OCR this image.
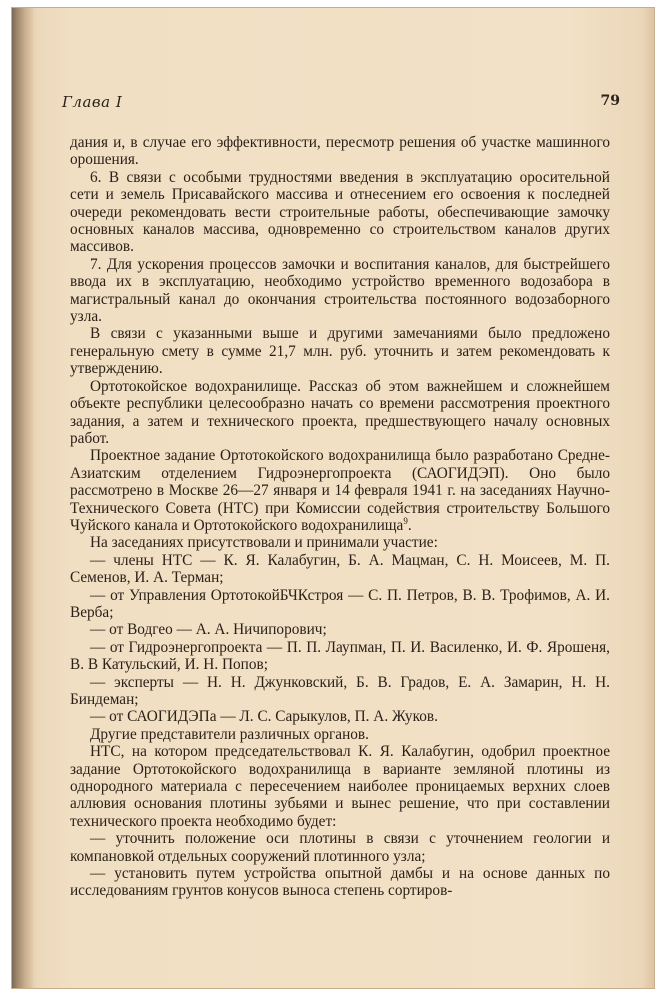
Глава I	79

дания и, в случае его эффективности, пересмотр решения об участке машинного орошения.

6. В связи с особыми трудностями введения в эксплуатацию оросительной сети и земель Присавайского массива и отнесением его освоения к последней очереди рекомендовать вести строительные работы, обеспечивающие замочку основных каналов массива, одновременно со строительством каналов других массивов.

7. Для ускорения процессов замочки и воспитания каналов, для быстрейшего ввода их в эксплуатацию, необходимо устройство временного водозабора в магистральный канал до окончания строительства постоянного водозаборного узла.

В связи с указанными выше и другими замечаниями было предложено генеральную смету в сумме 21,7 млн. руб. уточнить и затем рекомендовать к утверждению.

Ортотокойское водохранилище. Рассказ об этом важнейшем и сложнейшем объекте республики целесообразно начать со времени рассмотрения проектного задания, а затем и технического проекта, предшествующего началу основных работ.

Проектное задание Ортотокойского водохранилища было разработано Средне-Азиатским отделением Гидроэнергопроекта (САОГИДЭП). Оно было рассмотрено в Москве 26—27 января и 14 февраля 1941 г. на заседаниях Научно-Технического Совета (НТС) при Комиссии содействия строительству Большого Чуйского канала и Ортотокойского водохранилища$^9$.

На заседаниях присутствовали и принимали участие:

— члены НТС — К. Я. Калабугин, Б. А. Мацман, С. Н. Моисеев, М. П. Семенов, И. А. Терман;

— от Управления ОртотокойБЧКстроя — С. П. Петров, В. В. Трофимов, А. И. Верба;

— от Водгео — А. А. Ничипорович;

— от Гидроэнергопроекта — П. П. Лаупман, П. И. Василенко, И. Ф. Ярошеня, В. В Катульский, И. Н. Попов;

— эксперты — Н. Н. Джунковский, Б. В. Градов, Е. А. Замарин, Н. Н. Биндеман;

— от САОГИДЭПа — Л. С. Сарыкулов, П. А. Жуков.

Другие представители различных органов.

НТС, на котором председательствовал К. Я. Калабугин, одобрил проектное задание Ортотокойского водохранилища в варианте земляной плотины из однородного материала с пересечением наиболее проницаемых верхних слоев аллювия основания плотины зубьями и вынес решение, что при составлении технического проекта необходимо будет:

— уточнить положение оси плотины в связи с уточнением геологии и компановкой отдельных сооружений плотинного узла;

— установить путем устройства опытной дамбы и на основе данных по исследованиям грунтов конусов выноса степень сортиров-
